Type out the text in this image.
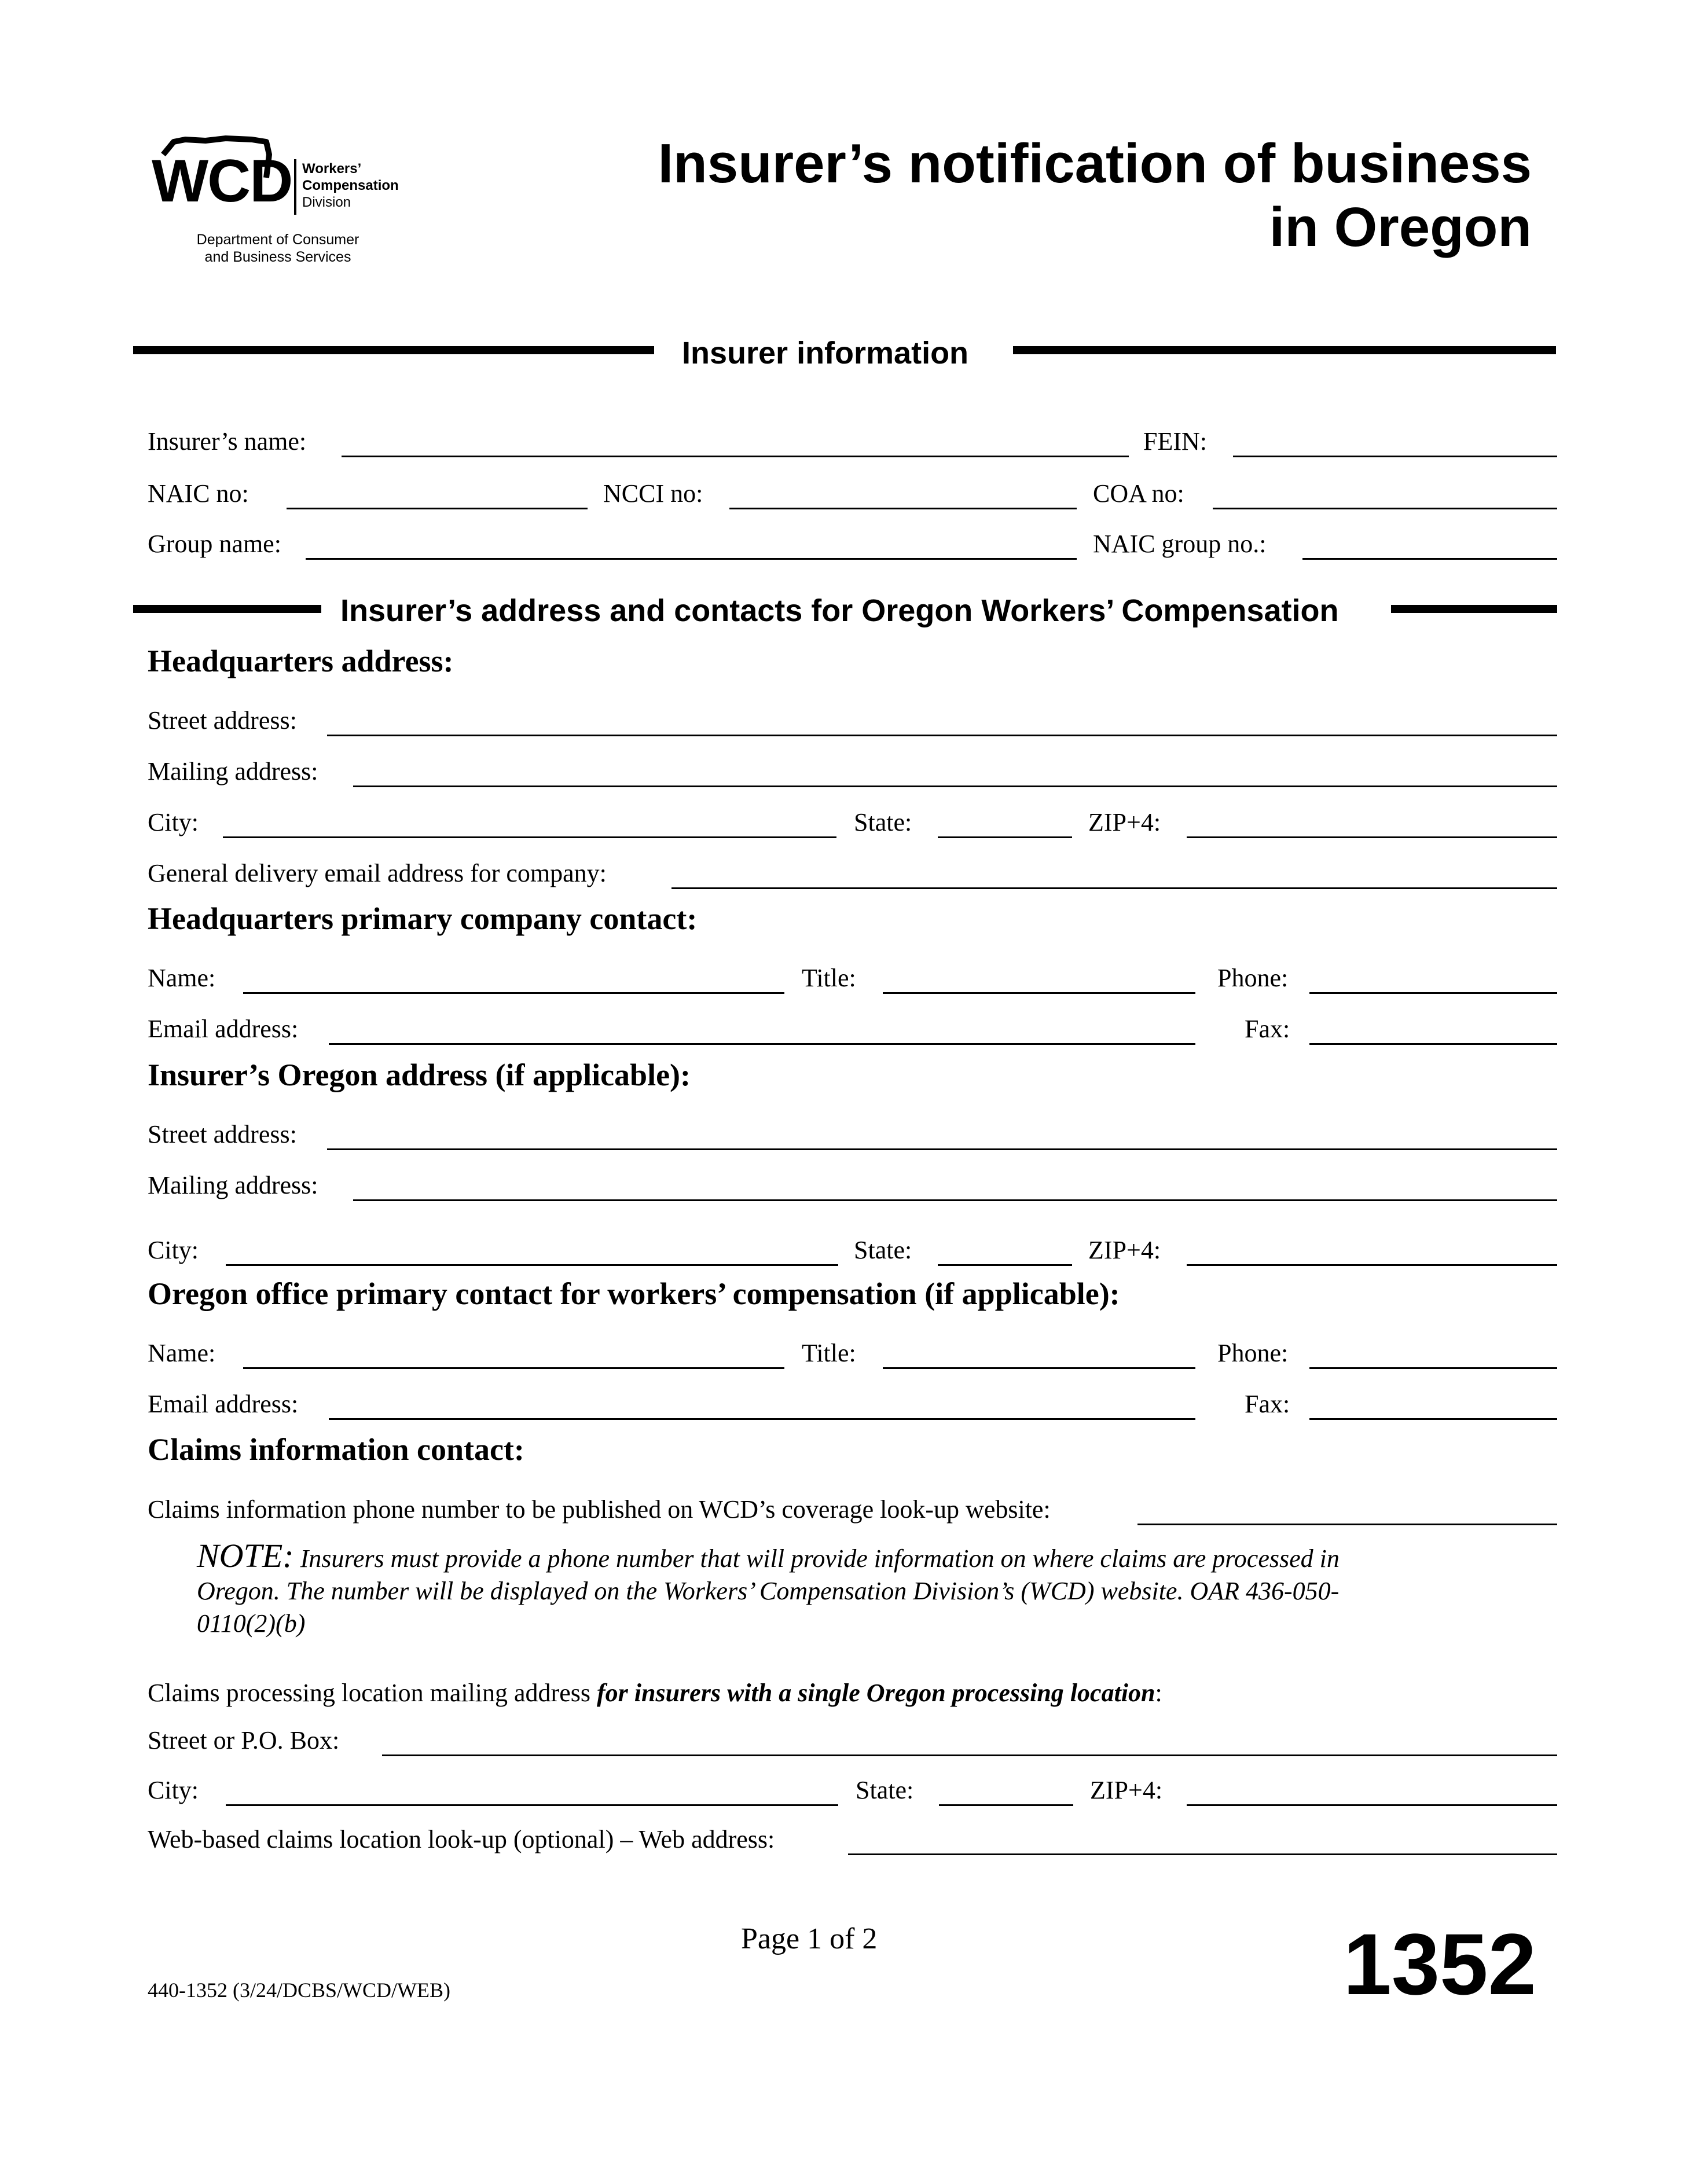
WCD Workers’
Compensation
Division
Department of Consumer
and Business Services
Insurer’s notification of business
in Oregon
Insurer information
Insurer’s name:	FEIN:
NAIC no:	NCCI no:	COA no:
Group name:	NAIC group no.:
Insurer’s address and contacts for Oregon Workers’ Compensation
Headquarters address:
Street address:
Mailing address:
City:	State:	ZIP+4:
General delivery email address for company:
Headquarters primary company contact:
Name:	Title:	Phone:
Email address:	Fax:
Insurer’s Oregon address (if applicable):
Street address:
Mailing address:
City:	State:	ZIP+4:
Oregon office primary contact for workers’ compensation (if applicable):
Name:	Title:	Phone:
Email address:	Fax:
Claims information contact:
Claims information phone number to be published on WCD’s coverage look-up website:
NOTE: Insurers must provide a phone number that will provide information on where claims are processed in Oregon. The number will be displayed on the Workers’ Compensation Division’s (WCD) website. OAR 436-050-0110(2)(b)
Claims processing location mailing address for insurers with a single Oregon processing location:
Street or P.O. Box:
City:	State:	ZIP+4:
Web-based claims location look-up (optional) – Web address:
Page 1 of 2
440-1352 (3/24/DCBS/WCD/WEB)	1352
